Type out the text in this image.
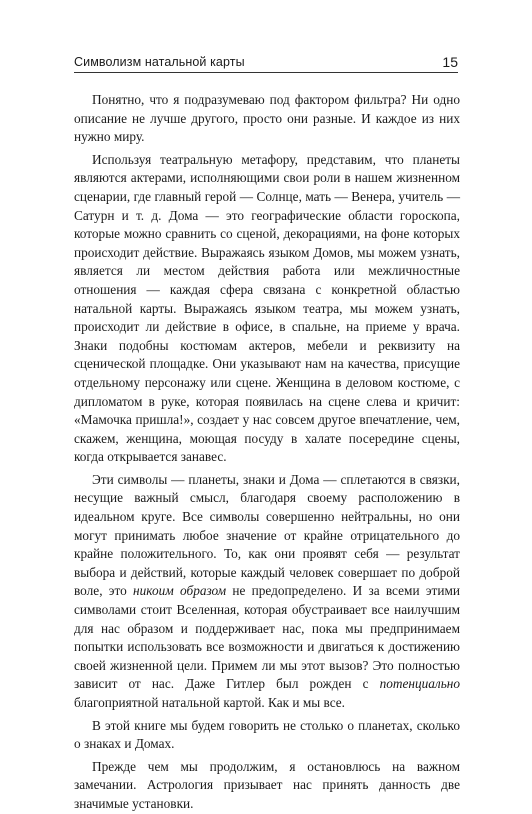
Символизм натальной карты	15

Понятно, что я подразумеваю под фактором фильтра? Ни одно описание не лучше другого, просто они разные. И каждое из них нужно миру.

Используя театральную метафору, представим, что планеты являются актерами, исполняющими свои роли в нашем жизненном сценарии, где главный герой — Солнце, мать — Венера, учитель — Сатурн и т. д. Дома — это географические области гороскопа, которые можно сравнить со сценой, декорациями, на фоне которых происходит действие. Выражаясь языком Домов, мы можем узнать, является ли местом действия работа или межличностные отношения — каждая сфера связана с конкретной областью натальной карты. Выражаясь языком театра, мы можем узнать, происходит ли действие в офисе, в спальне, на приеме у врача. Знаки подобны костюмам актеров, мебели и реквизиту на сценической площадке. Они указывают нам на качества, присущие отдельному персонажу или сцене. Женщина в деловом костюме, с дипломатом в руке, которая появилась на сцене слева и кричит: «Мамочка пришла!», создает у нас совсем другое впечатление, чем, скажем, женщина, моющая посуду в халате посередине сцены, когда открывается занавес.

Эти символы — планеты, знаки и Дома — сплетаются в связки, несущие важный смысл, благодаря своему расположению в идеальном круге. Все символы совершенно нейтральны, но они могут принимать любое значение от крайне отрицательного до крайне положительного. То, как они проявят себя — результат выбора и действий, которые каждый человек совершает по доброй воле, это никоим образом не предопределено. И за всеми этими символами стоит Вселенная, которая обустраивает все наилучшим для нас образом и поддерживает нас, пока мы предпринимаем попытки использовать все возможности и двигаться к достижению своей жизненной цели. Примем ли мы этот вызов? Это полностью зависит от нас. Даже Гитлер был рожден с потенциально благоприятной натальной картой. Как и мы все.

В этой книге мы будем говорить не столько о планетах, сколько о знаках и Домах.

Прежде чем мы продолжим, я остановлюсь на важном замечании. Астрология призывает нас принять данность две значимые установки.
